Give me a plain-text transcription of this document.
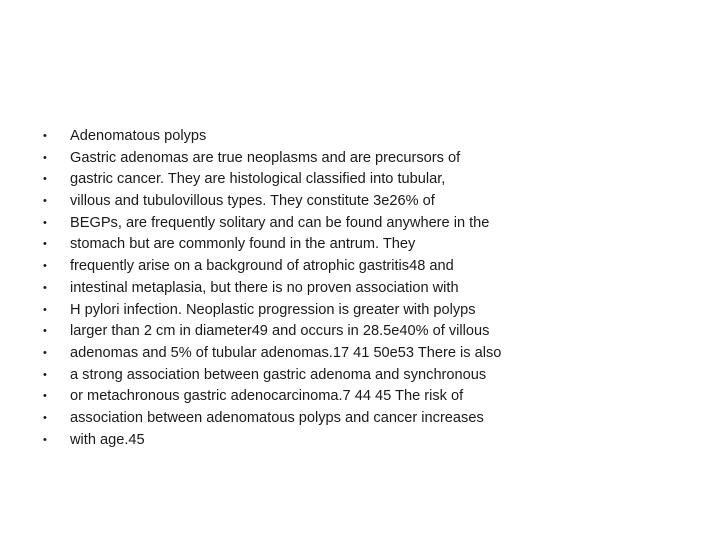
•	Adenomatous polyps
•	Gastric adenomas are true neoplasms and are precursors of
•	gastric cancer. They are histological classified into tubular,
•	villous and tubulovillous types. They constitute 3e26% of
•	BEGPs, are frequently solitary and can be found anywhere in the
•	stomach but are commonly found in the antrum. They
•	frequently arise on a background of atrophic gastritis48 and
•	intestinal metaplasia, but there is no proven association with
•	H pylori infection. Neoplastic progression is greater with polyps
•	larger than 2 cm in diameter49 and occurs in 28.5e40% of villous
•	adenomas and 5% of tubular adenomas.17 41 50e53 There is also
•	a strong association between gastric adenoma and synchronous
•	or metachronous gastric adenocarcinoma.7 44 45 The risk of
•	association between adenomatous polyps and cancer increases
•	with age.45
